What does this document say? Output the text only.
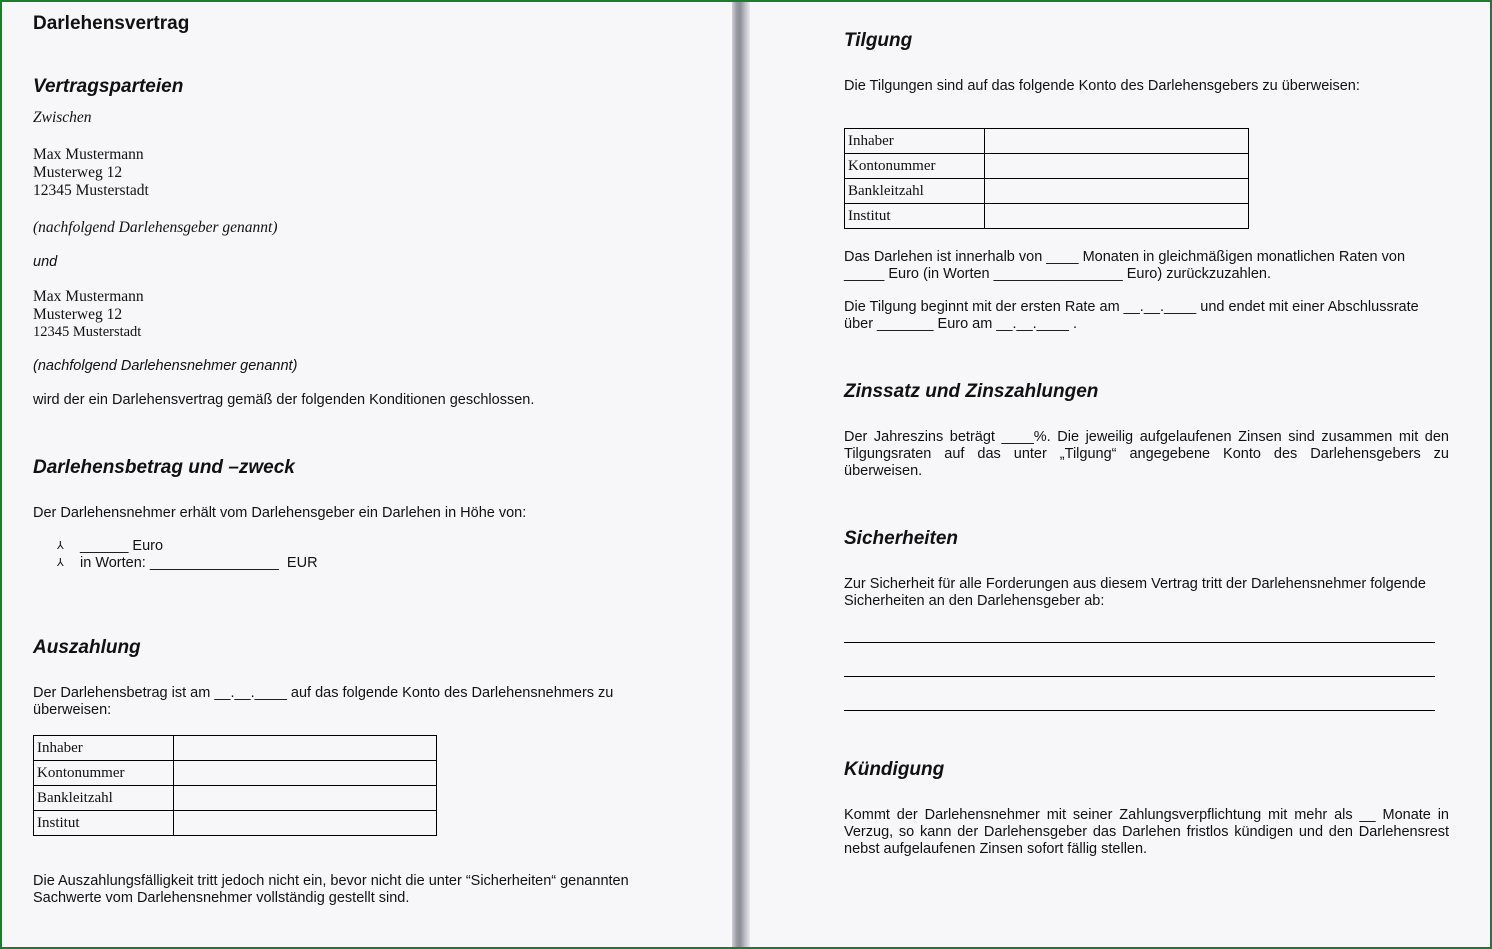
Darlehensvertrag
Vertragsparteien
Zwischen
Max Mustermann
Musterweg 12
12345 Musterstadt
(nachfolgend Darlehensgeber genannt)
und
Max Mustermann
Musterweg 12
12345 Musterstadt
(nachfolgend Darlehensnehmer genannt)
wird der ein Darlehensvertrag gemäß der folgenden Konditionen geschlossen.
Darlehensbetrag und –zweck
Der Darlehensnehmer erhält vom Darlehensgeber ein Darlehen in Höhe von:
⅄	______ Euro
⅄	in Worten: ________________  EUR
Auszahlung
Der Darlehensbetrag ist am __.__.____ auf das folgende Konto des Darlehensnehmers zu überweisen:
Inhaber	
Kontonummer	
Bankleitzahl	
Institut	
Die Auszahlungsfälligkeit tritt jedoch nicht ein, bevor nicht die unter “Sicherheiten“ genannten Sachwerte vom Darlehensnehmer vollständig gestellt sind.
Tilgung
Die Tilgungen sind auf das folgende Konto des Darlehensgebers zu überweisen:
Inhaber	
Kontonummer	
Bankleitzahl	
Institut	
Das Darlehen ist innerhalb von ____ Monaten in gleichmäßigen monatlichen Raten von _____ Euro (in Worten ________________ Euro) zurückzuzahlen.
Die Tilgung beginnt mit der ersten Rate am __.__.____ und endet mit einer Abschlussrate über _______ Euro am __.__.____ .
Zinssatz und Zinszahlungen
Der Jahreszins beträgt ____%. Die jeweilig aufgelaufenen Zinsen sind zusammen mit den Tilgungsraten auf das unter „Tilgung“ angegebene Konto des Darlehensgebers zu überweisen.
Sicherheiten
Zur Sicherheit für alle Forderungen aus diesem Vertrag tritt der Darlehensnehmer folgende Sicherheiten an den Darlehensgeber ab:
Kündigung
Kommt der Darlehensnehmer mit seiner Zahlungsverpflichtung mit mehr als __ Monate in Verzug, so kann der Darlehensgeber das Darlehen fristlos kündigen und den Darlehensrest nebst aufgelaufenen Zinsen sofort fällig stellen.
